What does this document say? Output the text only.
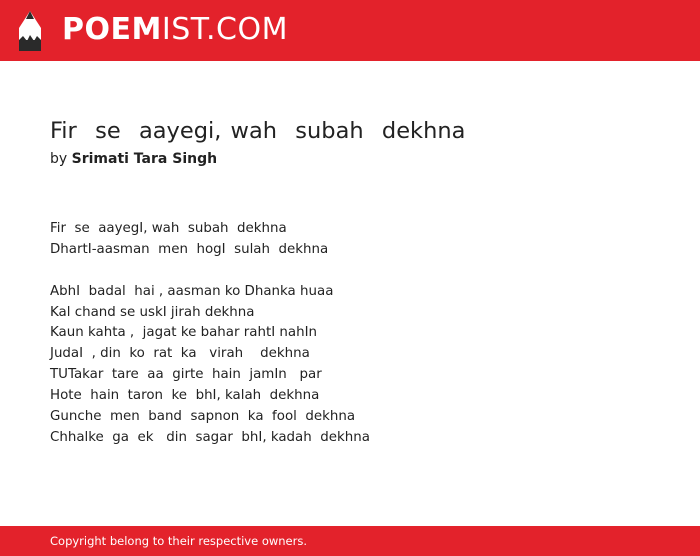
POEMIST.COM
Fir  se  aayegi, wah  subah  dekhna
by Srimati Tara Singh
Fir  se  aayegI, wah  subah  dekhna
DhartI-aasman  men  hogI  sulah  dekhna
AbhI  badal  hai , aasman ko Dhanka huaa
Kal chand se uskI jirah dekhna
Kaun kahta ,  jagat ke bahar rahtI nahIn
JudaI  , din  ko  rat  ka   virah    dekhna
TUTakar  tare  aa  girte  hain  jamIn   par
Hote  hain  taron  ke  bhI, kalah  dekhna
Gunche  men  band  sapnon  ka  fool  dekhna
Chhalke  ga  ek   din  sagar  bhI, kadah  dekhna
Copyright belong to their respective owners.
